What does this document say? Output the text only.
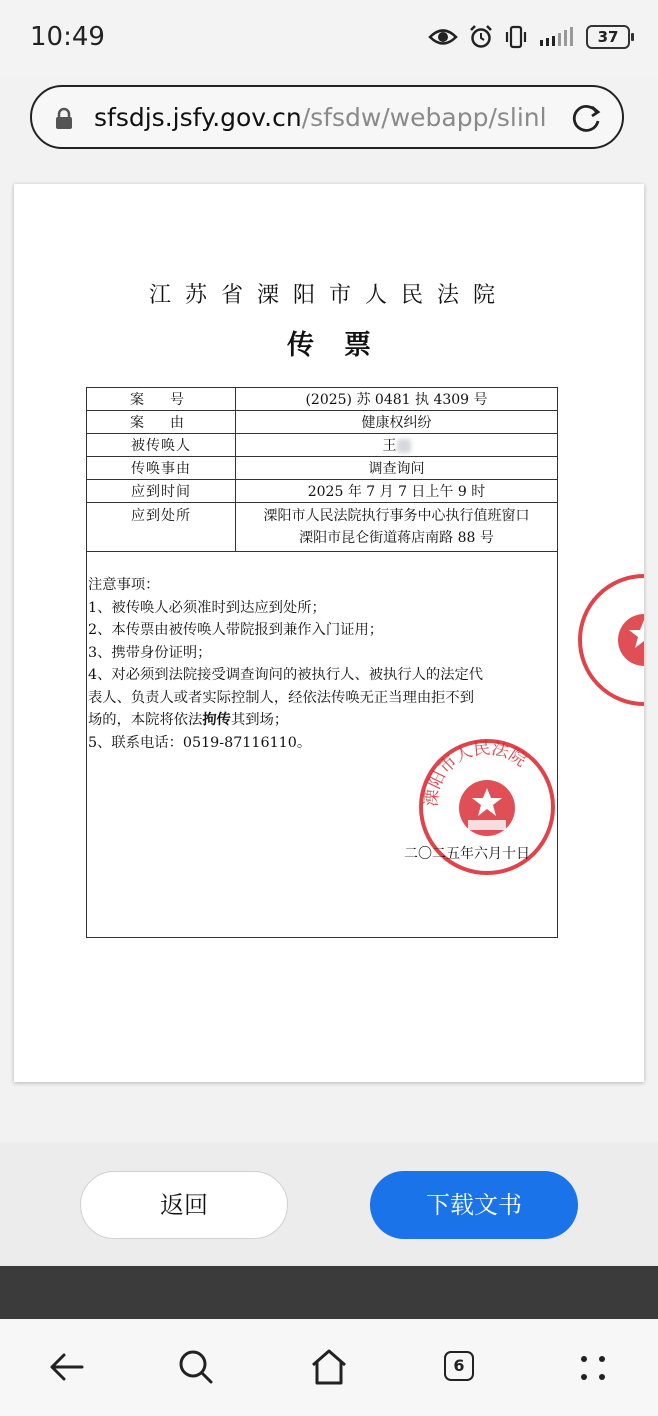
10:49	37
sfsdjs.jsfy.gov.cn/sfsdw/webapp/slinl
江苏省溧阳市人民法院
传票
案号	(2025) 苏 0481 执 4309 号
案由	健康权纠纷
被传唤人	王
传唤事由	调查询问
应到时间	2025 年 7 月 7 日上午 9 时
应到处所	溧阳市人民法院执行事务中心执行值班窗口
溧阳市昆仑街道蒋店南路 88 号
注意事项：
1、被传唤人必须准时到达应到处所；
2、本传票由被传唤人带院报到兼作入门证用；
3、携带身份证明；
4、对必须到法院接受调查询问的被执行人、被执行人的法定代
表人、负责人或者实际控制人，经依法传唤无正当理由拒不到
场的，本院将依法拘传其到场；
5、联系电话：0519-87116110。
溧阳市人民法院
二〇二五年六月十日
返回	下载文书
6
